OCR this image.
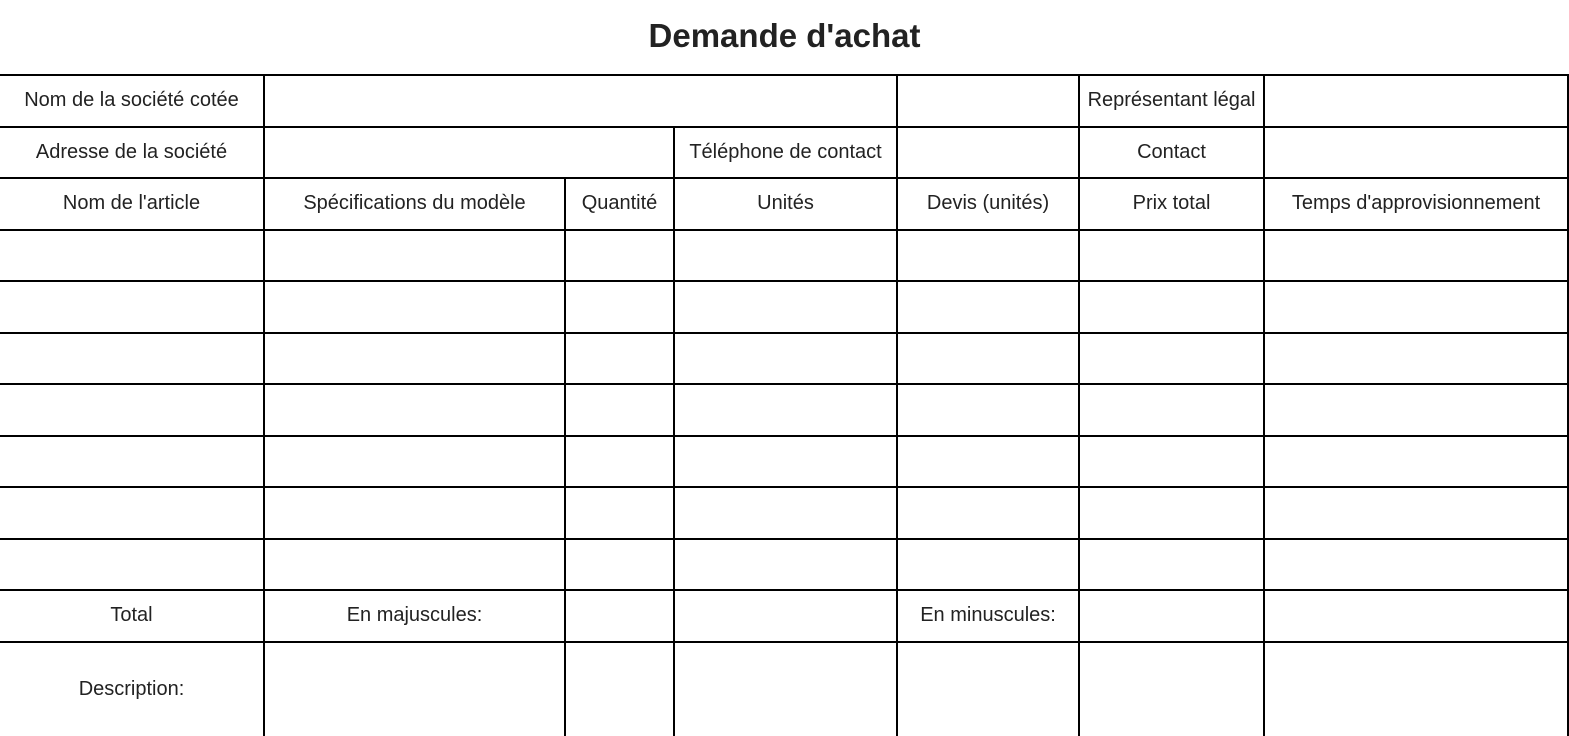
Demande d'achat
Nom de la société cotée					Représentant légal	
Adresse de la société			Téléphone de contact		Contact	
Nom de l'article	Spécifications du modèle	Quantité	Unités	Devis (unités)	Prix total	Temps d'approvisionnement

Total	En majuscules:			En minuscules:		
Description:						
